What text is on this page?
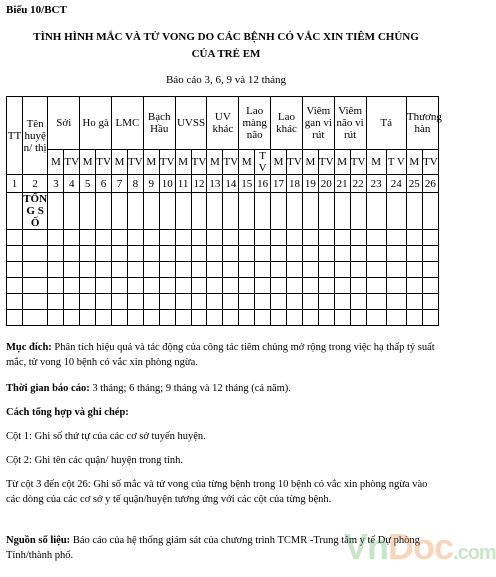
Biểu 10/BCT
TÌNH HÌNH MẮC VÀ TỬ VONG DO CÁC BỆNH CÓ VẮC XIN TIÊM CHỦNG
CỦA TRẺ EM
Báo cáo 3, 6, 9 và 12 tháng
TT	Tên huyện/ thị	Sởi		Ho gà		LMC		Bạch Hầu		UVSS		UV khác		Lao màng não		Lao khác		Viêm gan vi rút		Viêm não vi rút		Tả		Thương hàn	
		M	TV	M	TV	M	TV	M	TV	M	TV	M	TV	M	T V	M	TV	M	TV	M	TV	M	T V	M	TV
1	2	3	4	5	6	7	8	9	10	11	12	13	14	15	16	17	18	19	20	21	22	23	24	25	26
	TỔNG SỐ																								

Mục đích: Phân tích hiệu quả và tác động của công tác tiêm chủng mở rộng trong việc hạ thấp tỷ suất mắc, tử vong 10 bệnh có vắc xin phòng ngừa.

Thời gian báo cáo: 3 tháng; 6 tháng; 9 tháng và 12 tháng (cả năm).

Cách tổng hợp và ghi chép:

Cột 1: Ghi số thứ tự của các cơ sở tuyến huyện.

Cột 2: Ghi tên các quận/ huyện trong tỉnh.

Từ cột 3 đến cột 26: Ghi số mắc và tử vong của từng bệnh trong 10 bệnh có vắc xin phòng ngừa vào các dòng của các cơ sở y tế quận/huyện tương ứng với các cột của từng bệnh.

Nguồn số liệu: Báo cáo của hệ thống giám sát của chương trình TCMR -Trung tâm y tế Dự phòng Tỉnh/thành phố.	VnDoc.com
